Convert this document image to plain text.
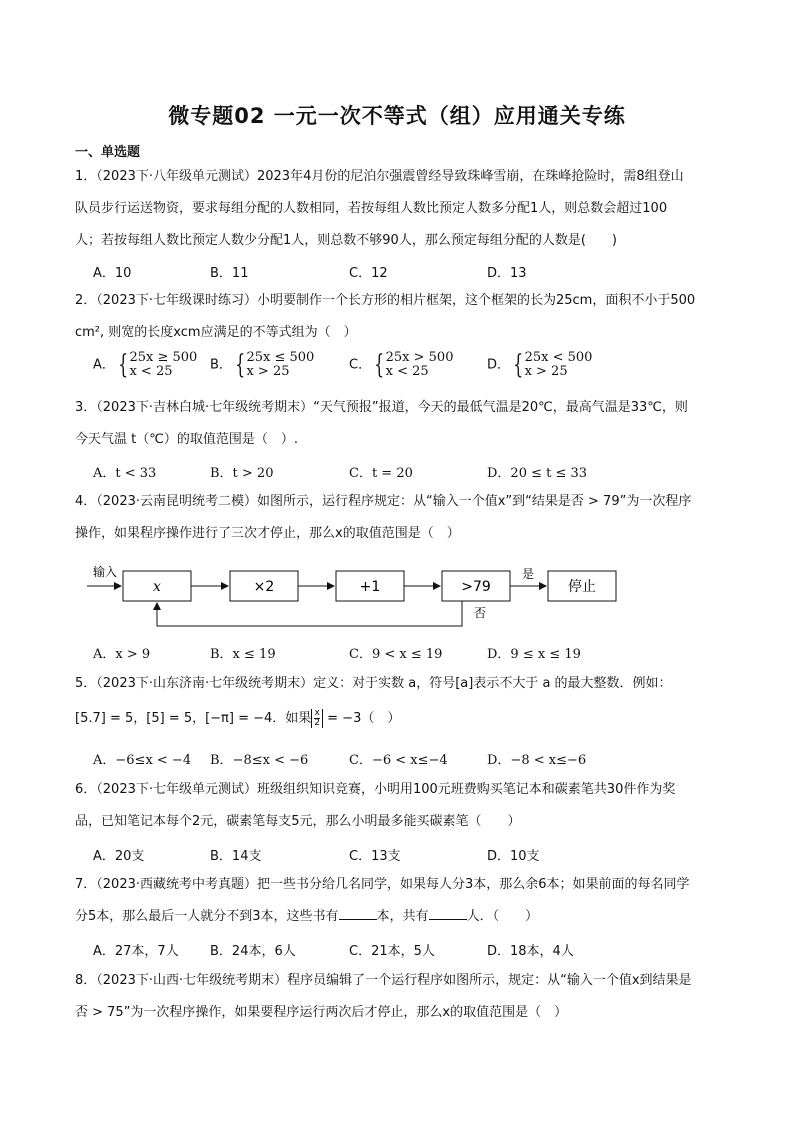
微专题02 一元一次不等式（组）应用通关专练
一、单选题
1．（2023下·八年级单元测试）2023年4月份的尼泊尔强震曾经导致珠峰雪崩，在珠峰抢险时，需8组登山
队员步行运送物资，要求每组分配的人数相同，若按每组人数比预定人数多分配1人，则总数会超过100
人；若按每组人数比预定人数少分配1人，则总数不够90人，那么预定每组分配的人数是(　　)
A．10	B．11	C．12	D．13
2．（2023下·七年级课时练习）小明要制作一个长方形的相片框架，这个框架的长为25cm，面积不小于500
cm², 则宽的长度xcm应满足的不等式组为（　）
A． { 25x ≥ 500
x < 25	B． { 25x ≤ 500
x > 25	C． { 25x > 500
x < 25	D． { 25x < 500
x > 25
3．（2023下·吉林白城·七年级统考期末）“天气预报”报道，今天的最低气温是20℃，最高气温是33℃，则
今天气温 t（℃）的取值范围是（　）.
A．t < 33	B．t > 20	C．t = 20	D．20 ≤ t ≤ 33
4．（2023·云南昆明统考二模）如图所示，运行程序规定：从“输入一个值x”到“结果是否 > 79”为一次程序
操作，如果程序操作进行了三次才停止，那么x的取值范围是（　）
输入
x	×2	+1	>79
是
停止
否
A．x > 9	B．x ≤ 19	C．9 < x ≤ 19	D．9 ≤ x ≤ 19
5．（2023下·山东济南·七年级统考期末）定义：对于实数 a，符号[a]表示不大于 a 的最大整数．例如：
[5.7] = 5，[5] = 5，[−π] = −4．如果 $\frac{x}{2} = -3$（　）
A．−6≤x < −4 B．−8≤x < −6	C．−6 < x≤−4	D．−8 < x≤−6
6．（2023下·七年级单元测试）班级组织知识竞赛，小明用100元班费购买笔记本和碳素笔共30件作为奖
品，已知笔记本每个2元，碳素笔每支5元，那么小明最多能买碳素笔（　　）
A．20支	B．14支	C．13支	D．10支
7．（2023·西藏统考中考真题）把一些书分给几名同学，如果每人分3本，那么余6本；如果前面的每名同学
分5本，那么最后一人就分不到3本，这些书有	本，共有	人．（　　）
A．27本，7人 B．24本，6人	C．21本，5人	D．18本，4人
8．（2023下·山西·七年级统考期末）程序员编辑了一个运行程序如图所示，规定：从“输入一个值x到结果是
否 > 75”为一次程序操作，如果要程序运行两次后才停止，那么x的取值范围是（　）
